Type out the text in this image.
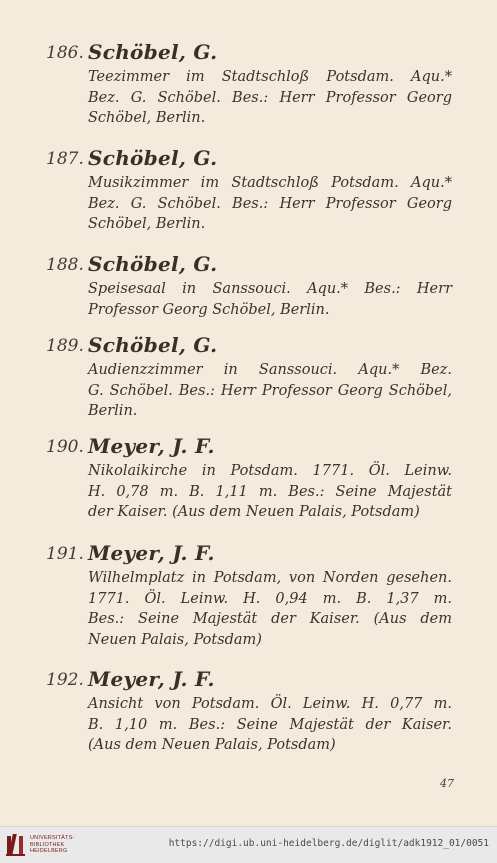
186. Schöbel, G.
Teezimmer im Stadtschloß Potsdam. Aqu.*
Bez. G. Schöbel. Bes.: Herr Professor Georg
Schöbel, Berlin.
187. Schöbel, G.
Musikzimmer im Stadtschloß Potsdam. Aqu.*
Bez. G. Schöbel. Bes.: Herr Professor Georg
Schöbel, Berlin.
188. Schöbel, G.
Speisesaal in Sanssouci. Aqu.* Bes.: Herr
Professor Georg Schöbel, Berlin.
189. Schöbel, G.
Audienzzimmer in Sanssouci. Aqu.* Bez.
G. Schöbel. Bes.: Herr Professor Georg Schöbel,
Berlin.
190. Meyer, J. F.
Nikolaikirche in Potsdam. 1771. Öl. Leinw.
H. 0,78 m. B. 1,11 m. Bes.: Seine Majestät
der Kaiser. (Aus dem Neuen Palais, Potsdam)
191. Meyer, J. F.
Wilhelmplatz in Potsdam, von Norden gesehen.
1771. Öl. Leinw. H. 0,94 m. B. 1,37 m.
Bes.: Seine Majestät der Kaiser. (Aus dem
Neuen Palais, Potsdam)
192. Meyer, J. F.
Ansicht von Potsdam. Öl. Leinw. H. 0,77 m.
B. 1,10 m. Bes.: Seine Majestät der Kaiser.
(Aus dem Neuen Palais, Potsdam)
47
UNIVERSITÄTS-
BIBLIOTHEK
HEIDELBERG
https://digi.ub.uni-heidelberg.de/diglit/adk1912_01/0051
